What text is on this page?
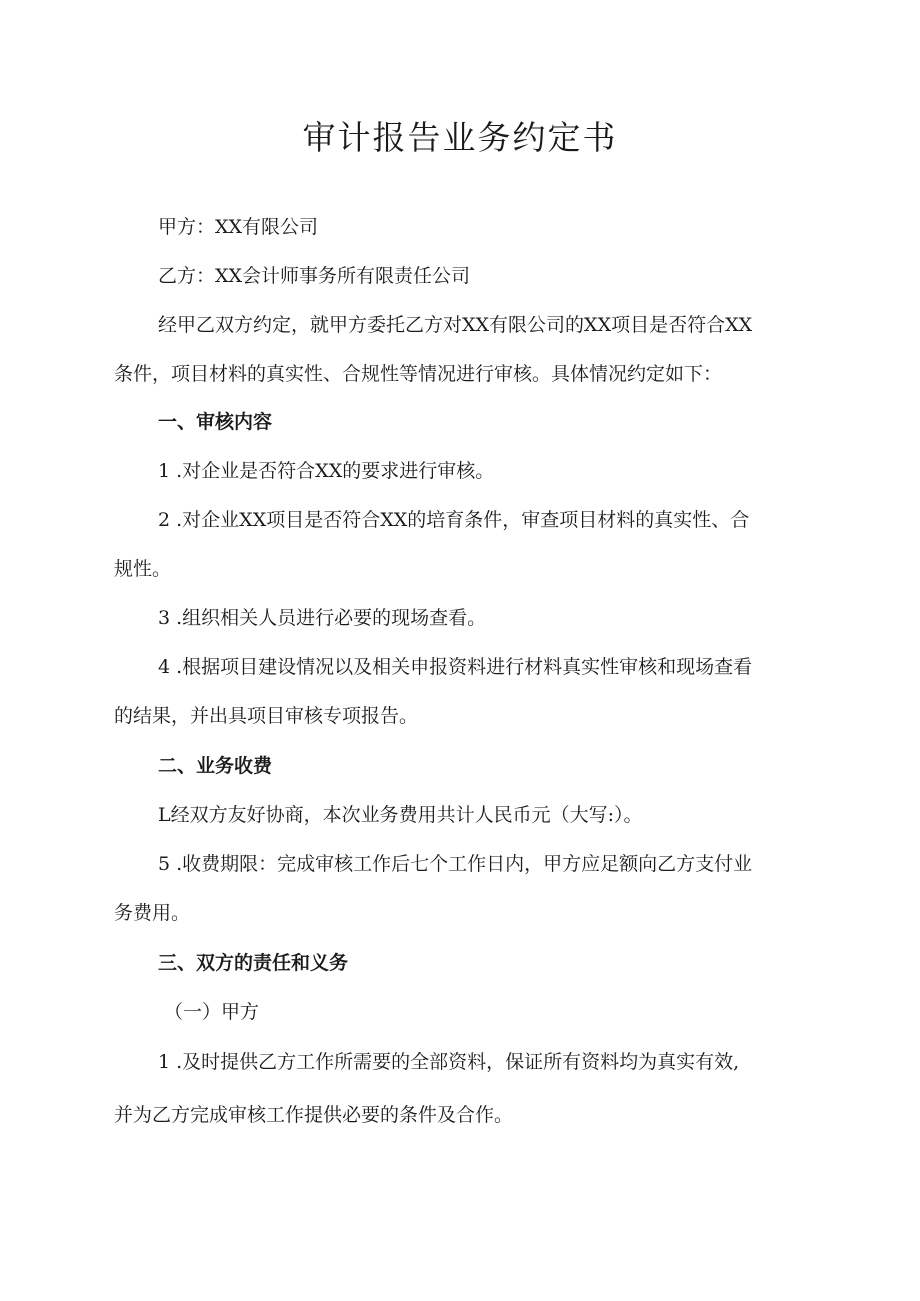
审计报告业务约定书
甲方：XX有限公司
乙方：XX会计师事务所有限责任公司
经甲乙双方约定，就甲方委托乙方对XX有限公司的XX项目是否符合XX
条件，项目材料的真实性、合规性等情况进行审核。具体情况约定如下：
一、审核内容
1 .对企业是否符合XX的要求进行审核。
2 .对企业XX项目是否符合XX的培育条件，审查项目材料的真实性、合
规性。
3 .组织相关人员进行必要的现场查看。
4 .根据项目建设情况以及相关申报资料进行材料真实性审核和现场查看
的结果，并出具项目审核专项报告。
二、业务收费
L经双方友好协商，本次业务费用共计人民币元（大写:）。
5 .收费期限：完成审核工作后七个工作日内，甲方应足额向乙方支付业
务费用。
三、双方的责任和义务
（一）甲方
1 .及时提供乙方工作所需要的全部资料，保证所有资料均为真实有效,
并为乙方完成审核工作提供必要的条件及合作。
